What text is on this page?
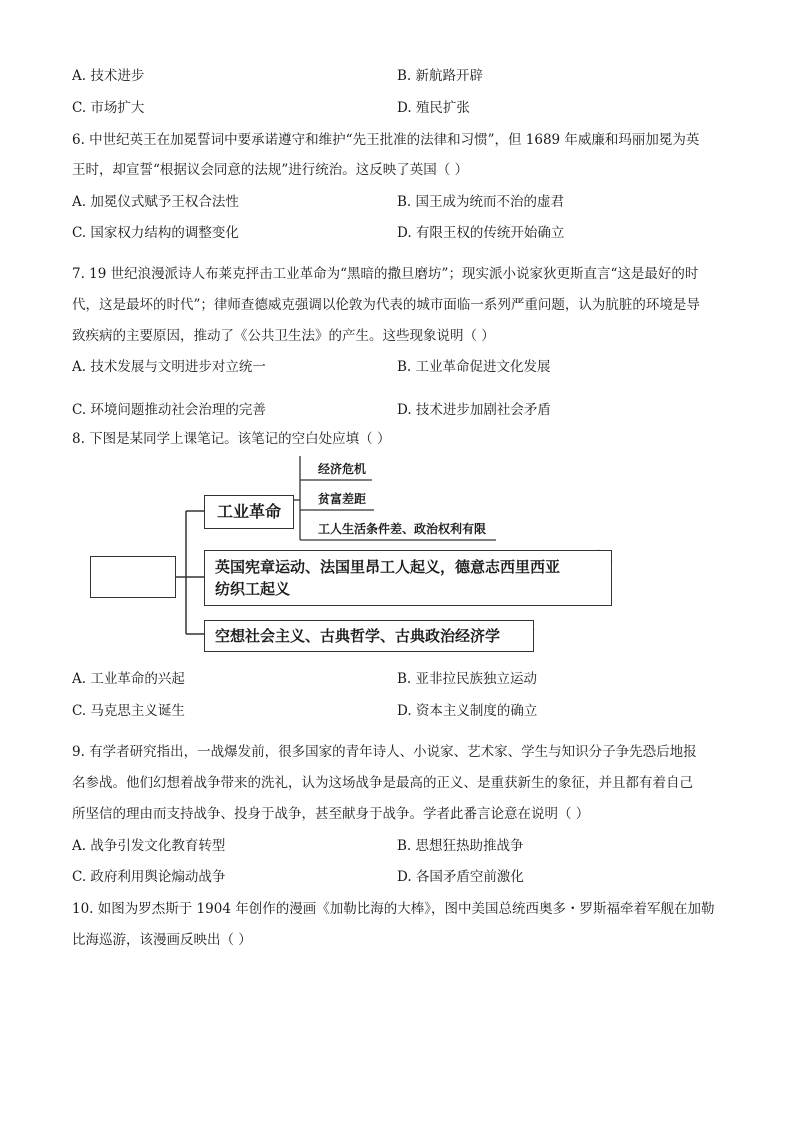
A. 技术进步	B. 新航路开辟
C. 市场扩大	D. 殖民扩张
6. 中世纪英王在加冕誓词中要承诺遵守和维护“先王批准的法律和习惯”，但 1689 年威廉和玛丽加冕为英
王时，却宣誓“根据议会同意的法规”进行统治。这反映了英国（ ）
A. 加冕仪式赋予王权合法性	B. 国王成为统而不治的虚君
C. 国家权力结构的调整变化	D. 有限王权的传统开始确立
7. 19 世纪浪漫派诗人布莱克抨击工业革命为“黑暗的撒旦磨坊”；现实派小说家狄更斯直言“这是最好的时
代，这是最坏的时代”；律师查德威克强调以伦敦为代表的城市面临一系列严重问题，认为肮脏的环境是导
致疾病的主要原因，推动了《公共卫生法》的产生。这些现象说明（ ）
A. 技术发展与文明进步对立统一	B. 工业革命促进文化发展
C. 环境问题推动社会治理的完善	D. 技术进步加剧社会矛盾
8. 下图是某同学上课笔记。该笔记的空白处应填（ ）
工业革命
经济危机
贫富差距
工人生活条件差、政治权利有限
英国宪章运动、法国里昂工人起义，德意志西里西亚
纺织工起义
空想社会主义、古典哲学、古典政治经济学
A. 工业革命的兴起	B. 亚非拉民族独立运动
C. 马克思主义诞生	D. 资本主义制度的确立
9. 有学者研究指出，一战爆发前，很多国家的青年诗人、小说家、艺术家、学生与知识分子争先恐后地报
名参战。他们幻想着战争带来的洗礼，认为这场战争是最高的正义、是重获新生的象征，并且都有着自己
所坚信的理由而支持战争、投身于战争，甚至献身于战争。学者此番言论意在说明（ ）
A. 战争引发文化教育转型	B. 思想狂热助推战争
C. 政府利用舆论煽动战争	D. 各国矛盾空前激化
10. 如图为罗杰斯于 1904 年创作的漫画《加勒比海的大棒》，图中美国总统西奥多・罗斯福牵着军舰在加勒
比海巡游，该漫画反映出（ ）
